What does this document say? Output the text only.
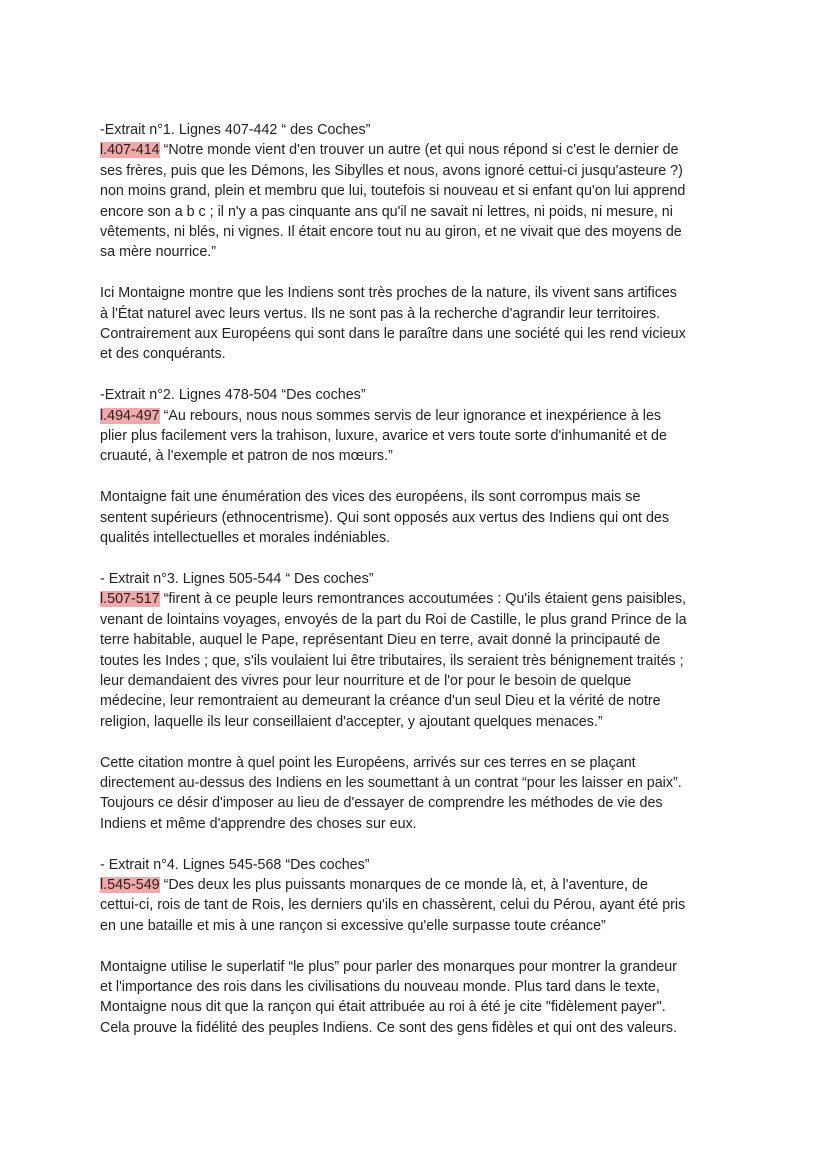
-Extrait n°1. Lignes 407-442 “ des Coches”
l.407-414 “Notre monde vient d'en trouver un autre (et qui nous répond si c'est le dernier de
ses frères, puis que les Démons, les Sibylles et nous, avons ignoré cettui-ci jusqu'asteure ?)
non moins grand, plein et membru que lui, toutefois si nouveau et si enfant qu'on lui apprend
encore son a b c ; il n'y a pas cinquante ans qu'il ne savait ni lettres, ni poids, ni mesure, ni
vêtements, ni blés, ni vignes. Il était encore tout nu au giron, et ne vivait que des moyens de
sa mère nourrice.”
Ici Montaigne montre que les Indiens sont très proches de la nature, ils vivent sans artifices
à l'État naturel avec leurs vertus. Ils ne sont pas à la recherche d'agrandir leur territoires.
Contrairement aux Européens qui sont dans le paraître dans une société qui les rend vicieux
et des conquérants.
-Extrait n°2. Lignes 478-504 “Des coches”
l.494-497 “Au rebours, nous nous sommes servis de leur ignorance et inexpérience à les
plier plus facilement vers la trahison, luxure, avarice et vers toute sorte d'inhumanité et de
cruauté, à l'exemple et patron de nos mœurs.”
Montaigne fait une énumération des vices des européens, ils sont corrompus mais se
sentent supérieurs (ethnocentrisme). Qui sont opposés aux vertus des Indiens qui ont des
qualités intellectuelles et morales indéniables.
- Extrait n°3. Lignes 505-544 “ Des coches”
l.507-517 “firent à ce peuple leurs remontrances accoutumées : Qu'ils étaient gens paisibles,
venant de lointains voyages, envoyés de la part du Roi de Castille, le plus grand Prince de la
terre habitable, auquel le Pape, représentant Dieu en terre, avait donné la principauté de
toutes les Indes ; que, s'ils voulaient lui être tributaires, ils seraient très bénignement traités ;
leur demandaient des vivres pour leur nourriture et de l'or pour le besoin de quelque
médecine, leur remontraient au demeurant la créance d'un seul Dieu et la vérité de notre
religion, laquelle ils leur conseillaient d'accepter, y ajoutant quelques menaces.”
Cette citation montre à quel point les Européens, arrivés sur ces terres en se plaçant
directement au-dessus des Indiens en les soumettant à un contrat “pour les laisser en paix”.
Toujours ce désir d'imposer au lieu de d'essayer de comprendre les méthodes de vie des
Indiens et même d'apprendre des choses sur eux.
- Extrait n°4. Lignes 545-568 “Des coches”
l.545-549 “Des deux les plus puissants monarques de ce monde là, et, à l'aventure, de
cettui-ci, rois de tant de Rois, les derniers qu'ils en chassèrent, celui du Pérou, ayant été pris
en une bataille et mis à une rançon si excessive qu'elle surpasse toute créance”
Montaigne utilise le superlatif “le plus” pour parler des monarques pour montrer la grandeur
et l'importance des rois dans les civilisations du nouveau monde. Plus tard dans le texte,
Montaigne nous dit que la rançon qui était attribuée au roi à été je cite "fidèlement payer".
Cela prouve la fidélité des peuples Indiens. Ce sont des gens fidèles et qui ont des valeurs.
